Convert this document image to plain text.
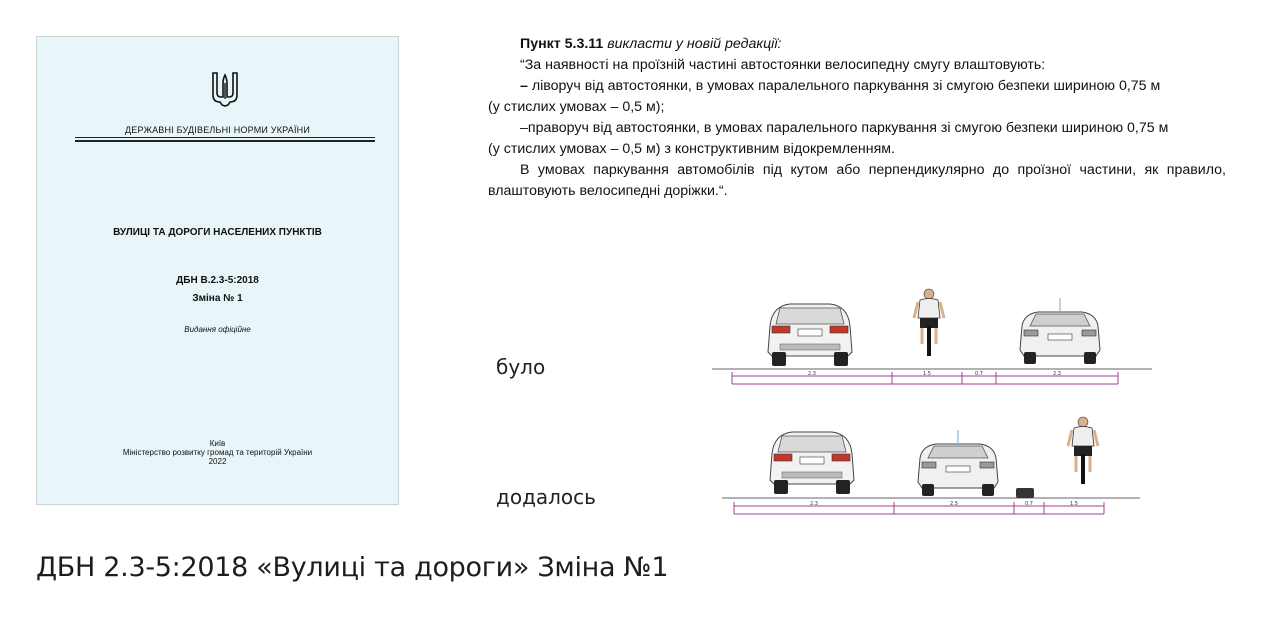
ДЕРЖАВНІ БУДІВЕЛЬНІ НОРМИ УКРАЇНИ
ВУЛИЦІ ТА ДОРОГИ НАСЕЛЕНИХ ПУНКТІВ
ДБН В.2.3-5:2018
Зміна № 1
Видання офіційне
Київ
Міністерство розвитку громад та територій України
2022

Пункт 5.3.11 викласти у новій редакції:

“За наявності на проїзній частині автостоянки велосипедну смугу влаштовують:

– ліворуч від автостоянки, в умовах паралельного паркування зі смугою безпеки шириною 0,75 м

(у стислих умовах – 0,5 м);

–праворуч від автостоянки, в умовах паралельного паркування зі смугою безпеки шириною 0,75 м

(у стислих умовах – 0,5 м) з конструктивним відокремленням.

В умовах паркування автомобілів під кутом або перпендикулярно до проїзної частини, як правило, влаштовують велосипедні доріжки.“.

було
додалось
2.3	1.5	0.7	2.3
2.3	2.5	0.7	1.5
ДБН 2.3-5:2018 «Вулиці та дороги» Зміна №1
